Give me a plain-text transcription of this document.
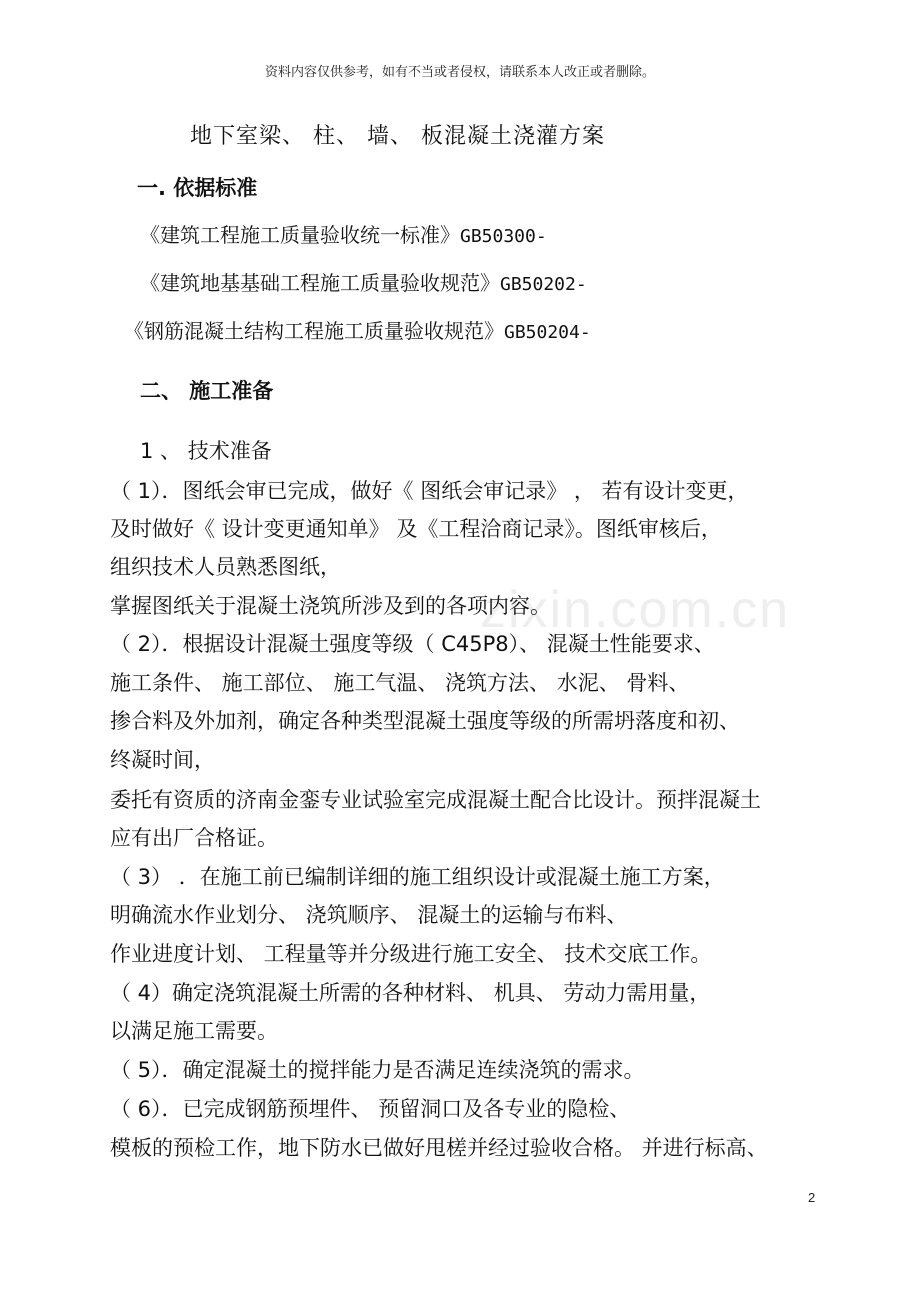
资料内容仅供参考，如有不当或者侵权，请联系本人改正或者删除。
地下室梁、 柱、 墙、 板混凝土浇灌方案
一. 依据标准
《建筑工程施工质量验收统一标准》GB50300-
《建筑地基基础工程施工质量验收规范》GB50202-
《钢筋混凝土结构工程施工质量验收规范》GB50204-
二、 施工准备
1 、 技术准备
zixin.com.cn
（ 1）．图纸会审已完成，做好《 图纸会审记录》 ， 若有设计变更，
及时做好《 设计变更通知单》 及《工程洽商记录》。图纸审核后，
组织技术人员熟悉图纸，
掌握图纸关于混凝土浇筑所涉及到的各项内容。
（ 2）．根据设计混凝土强度等级（ C45P8）、 混凝土性能要求、
施工条件、 施工部位、 施工气温、 浇筑方法、 水泥、 骨料、
掺合料及外加剂，确定各种类型混凝土强度等级的所需坍落度和初、
终凝时间，
委托有资质的济南金銮专业试验室完成混凝土配合比设计。预拌混凝土
应有出厂合格证。
（ 3） ．在施工前已编制详细的施工组织设计或混凝土施工方案，
明确流水作业划分、 浇筑顺序、 混凝土的运输与布料、
作业进度计划、 工程量等并分级进行施工安全、 技术交底工作。
（ 4）确定浇筑混凝土所需的各种材料、 机具、 劳动力需用量，
以满足施工需要。
（ 5）．确定混凝土的搅拌能力是否满足连续浇筑的需求。
（ 6）．已完成钢筋预埋件、 预留洞口及各专业的隐检、
模板的预检工作，地下防水已做好甩槎并经过验收合格。 并进行标高、
2
